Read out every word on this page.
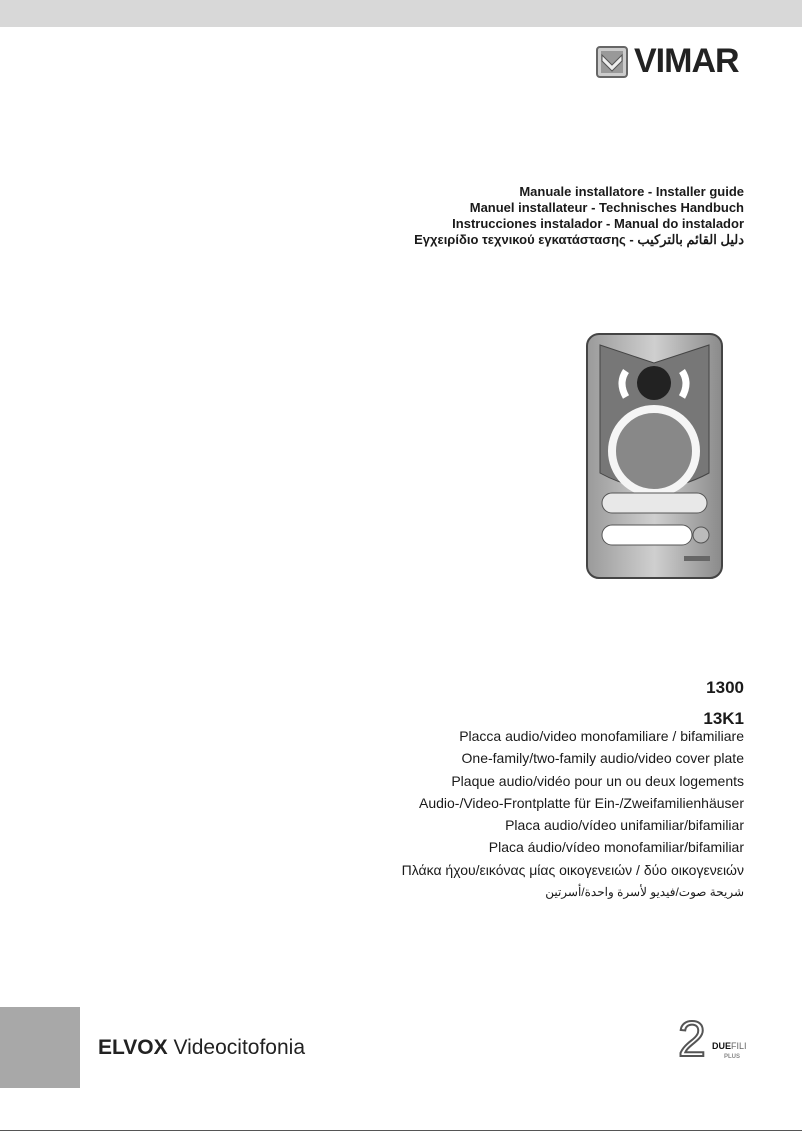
VIMAR
Manuale installatore - Installer guide
Manuel installateur - Technisches Handbuch
Instrucciones instalador - Manual do instalador
Εγχειρίδιο τεχνικού εγκατάστασης - دليل القائم بالتركيب
1300
13K1
Placca audio/video monofamiliare / bifamiliare
One-family/two-family audio/video cover plate
Plaque audio/vidéo pour un ou deux logements
Audio-/Video-Frontplatte für Ein-/Zweifamilienhäuser
Placa audio/vídeo unifamiliar/bifamiliar
Placa áudio/vídeo monofamiliar/bifamiliar
Πλάκα ήχου/εικόνας μίας οικογενειών / δύο οικογενειών
شريحة صوت/فيديو لأسرة واحدة/أسرتين
ELVOX Videocitofonia	2 DUEFILI
PLUS
